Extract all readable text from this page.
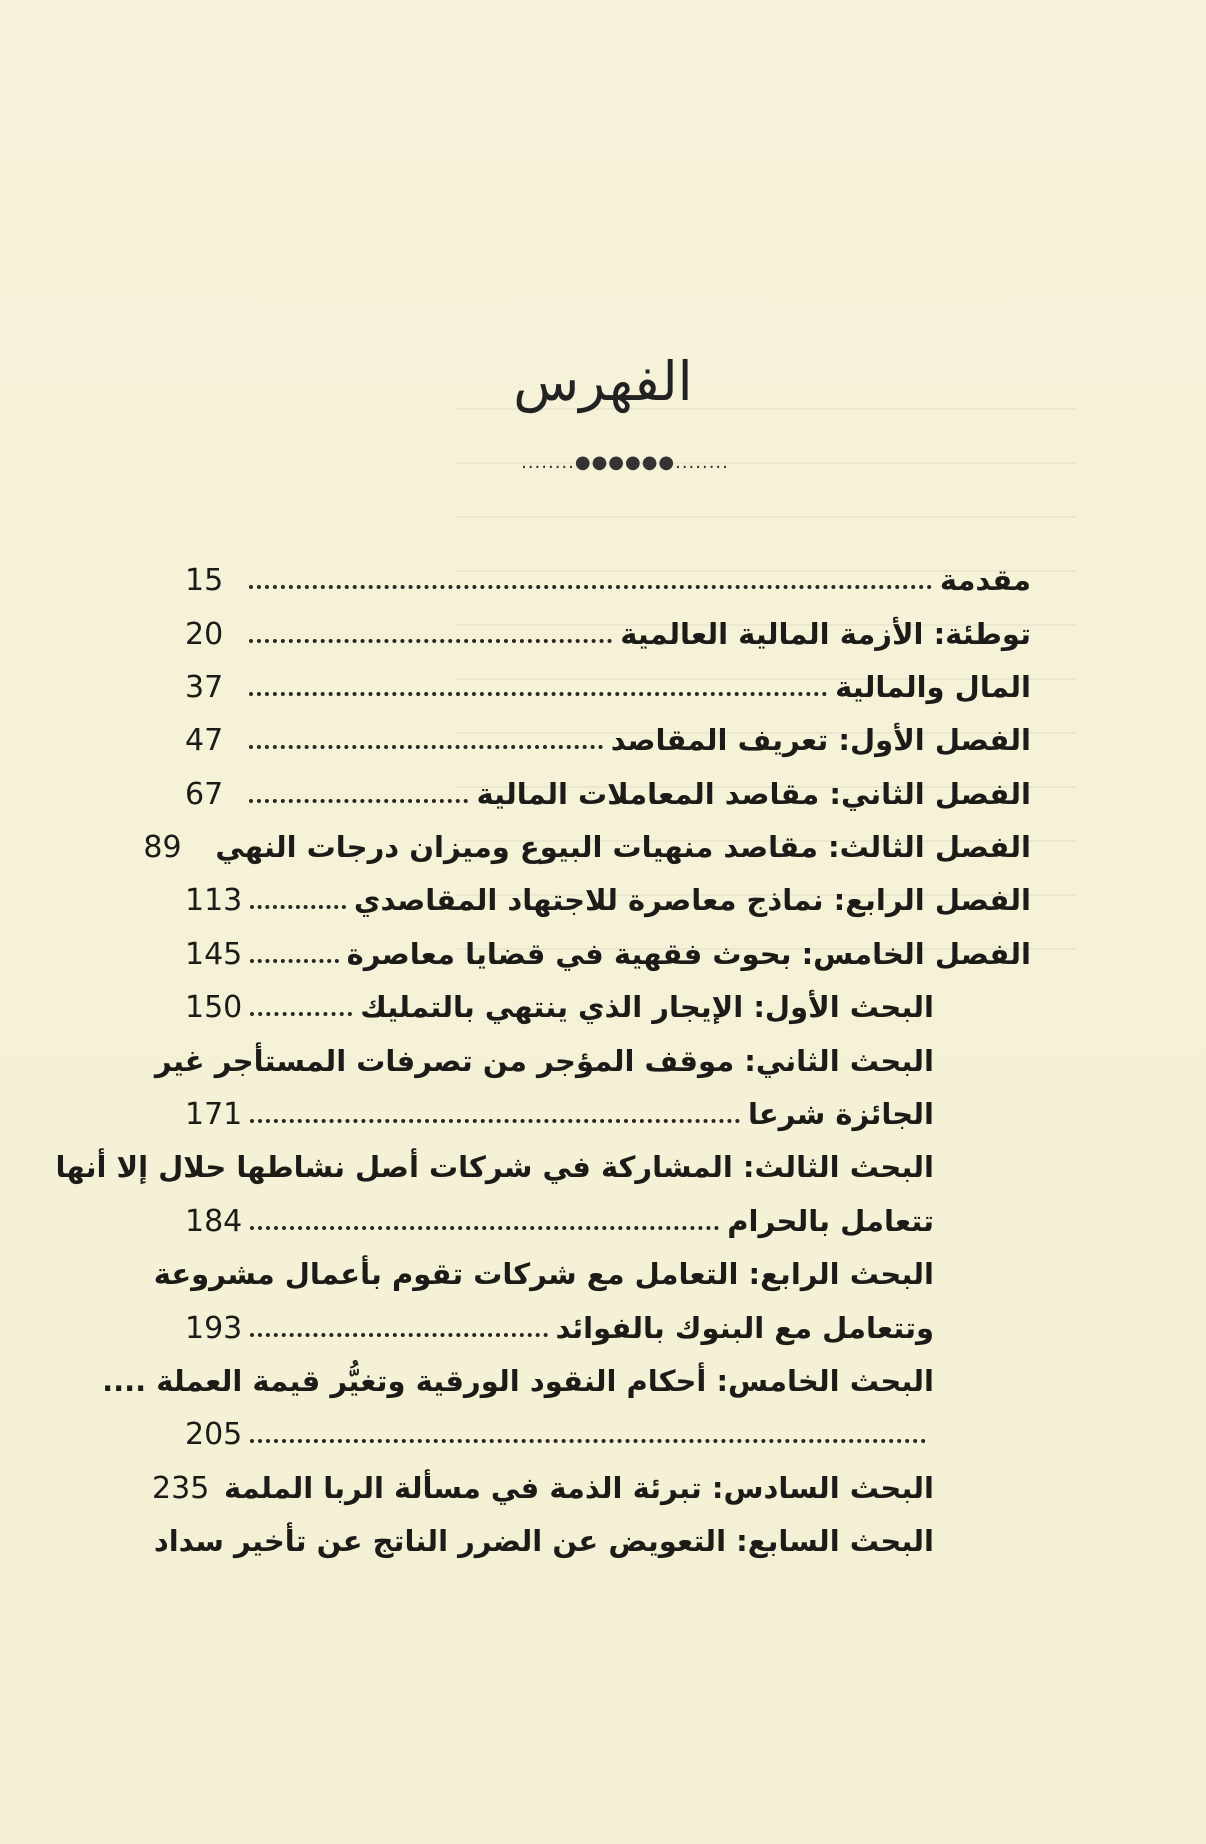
الفهرس
........●●●●●●........
مقدمة
15
توطئة: الأزمة المالية العالمية
20
المال والمالية
37
الفصل الأول: تعريف المقاصد
47
الفصل الثاني: مقاصد المعاملات المالية
67
الفصل الثالث: مقاصد منهيات البيوع وميزان درجات النهي
89
الفصل الرابع: نماذج معاصرة للاجتهاد المقاصدي
113
الفصل الخامس: بحوث فقهية في قضايا معاصرة
145
البحث الأول: الإيجار الذي ينتهي بالتمليك
150
البحث الثاني: موقف المؤجر من تصرفات المستأجر غير
الجائزة شرعا
171
البحث الثالث: المشاركة في شركات أصل نشاطها حلال إلا أنها
تتعامل بالحرام
184
البحث الرابع: التعامل مع شركات تقوم بأعمال مشروعة
وتتعامل مع البنوك بالفوائد
193
البحث الخامس: أحكام النقود الورقية وتغيُّر قيمة العملة ....
205
البحث السادس: تبرئة الذمة في مسألة الربا الملمة
235
البحث السابع: التعويض عن الضرر الناتج عن تأخير سداد
